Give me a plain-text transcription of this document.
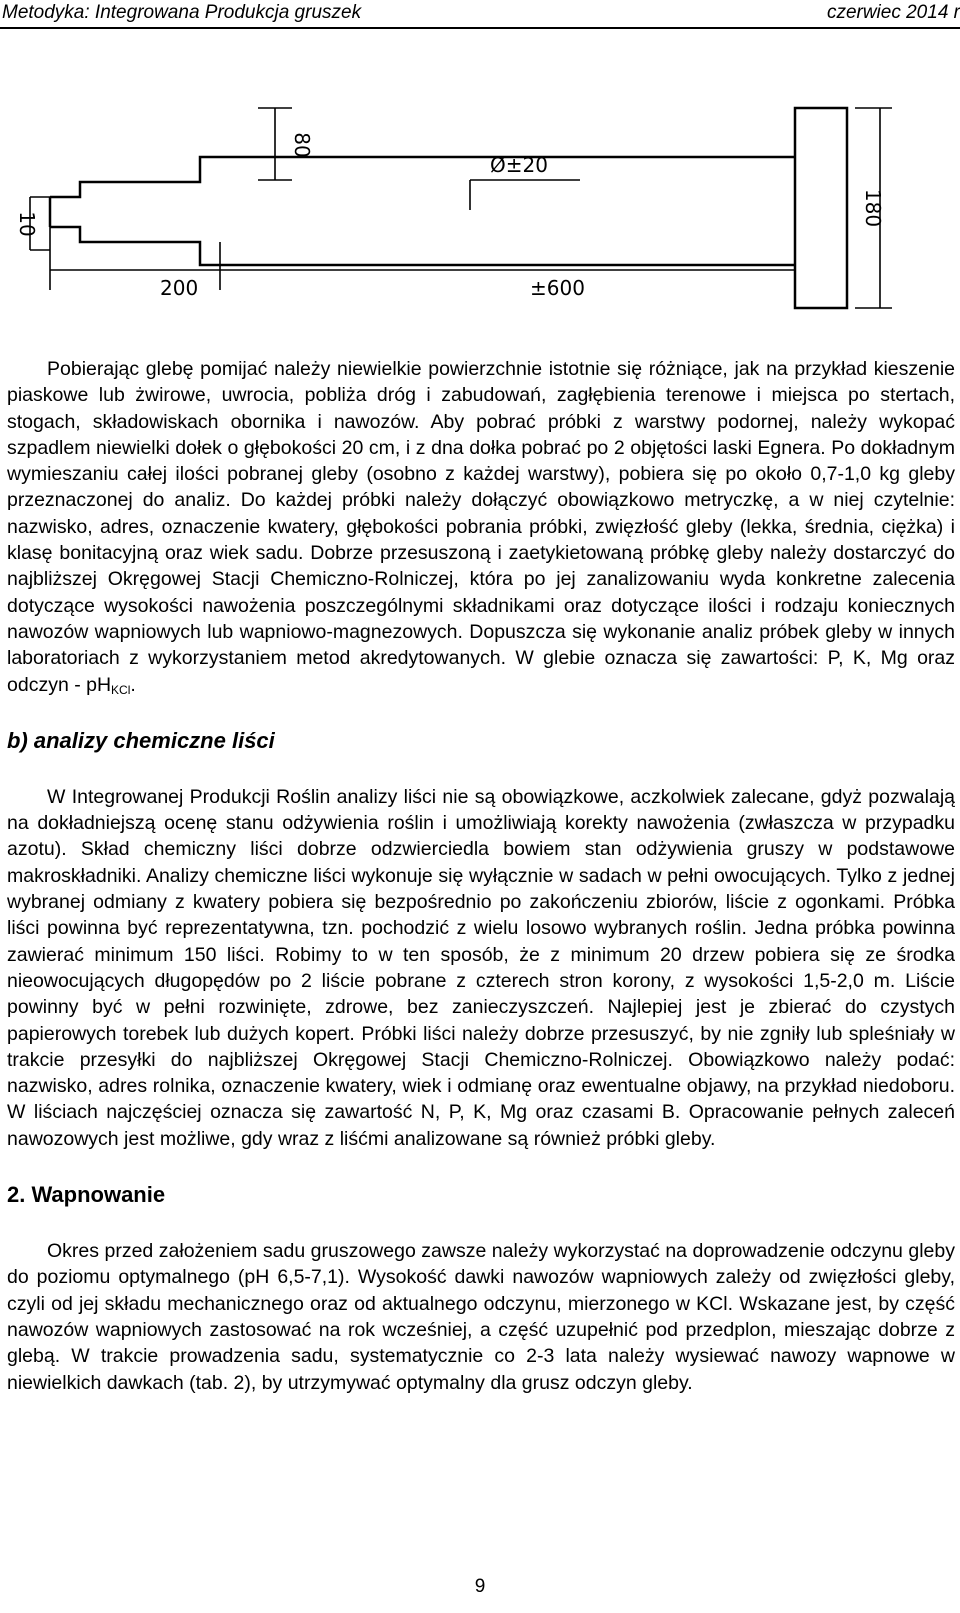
Metodyka: Integrowana Produkcja gruszek	czerwiec 2014 r
80
Ø±20
180
10
200	±600

Pobierając glebę pomijać należy niewielkie powierzchnie istotnie się różniące, jak na przykład kieszenie piaskowe lub żwirowe, uwrocia, pobliża dróg i zabudowań, zagłębienia terenowe i miejsca po stertach, stogach, składowiskach obornika i nawozów. Aby pobrać próbki z warstwy podornej, należy wykopać szpadlem niewielki dołek o głębokości 20 cm, i z dna dołka pobrać po 2 objętości laski Egnera. Po dokładnym wymieszaniu całej ilości pobranej gleby (osobno z każdej warstwy), pobiera się po około 0,7-1,0 kg gleby przeznaczonej do analiz. Do każdej próbki należy dołączyć obowiązkowo metryczkę, a w niej czytelnie: nazwisko, adres, oznaczenie kwatery, głębokości pobrania próbki, zwięzłość gleby (lekka, średnia, ciężka) i klasę bonitacyjną oraz wiek sadu. Dobrze przesuszoną i zaetykietowaną próbkę gleby należy dostarczyć do najbliższej Okręgowej Stacji Chemiczno-Rolniczej, która po jej zanalizowaniu wyda konkretne zalecenia dotyczące wysokości nawożenia poszczególnymi składnikami oraz dotyczące ilości i rodzaju koniecznych nawozów wapniowych lub wapniowo-magnezowych. Dopuszcza się wykonanie analiz próbek gleby w innych laboratoriach z wykorzystaniem metod akredytowanych. W glebie oznacza się zawartości: P, K, Mg oraz odczyn - $pH_{KCl}$.

b) analizy chemiczne liści

W Integrowanej Produkcji Roślin analizy liści nie są obowiązkowe, aczkolwiek zalecane, gdyż pozwalają na dokładniejszą ocenę stanu odżywienia roślin i umożliwiają korekty nawożenia (zwłaszcza w przypadku azotu). Skład chemiczny liści dobrze odzwierciedla bowiem stan odżywienia gruszy w podstawowe makroskładniki. Analizy chemiczne liści wykonuje się wyłącznie w sadach w pełni owocujących. Tylko z jednej wybranej odmiany z kwatery pobiera się bezpośrednio po zakończeniu zbiorów, liście z ogonkami. Próbka liści powinna być reprezentatywna, tzn. pochodzić z wielu losowo wybranych roślin. Jedna próbka powinna zawierać minimum 150 liści. Robimy to w ten sposób, że z minimum 20 drzew pobiera się ze środka nieowocujących długopędów po 2 liście pobrane z czterech stron korony, z wysokości 1,5-2,0 m. Liście powinny być w pełni rozwinięte, zdrowe, bez zanieczyszczeń. Najlepiej jest je zbierać do czystych papierowych torebek lub dużych kopert. Próbki liści należy dobrze przesuszyć, by nie zgniły lub spleśniały w trakcie przesyłki do najbliższej Okręgowej Stacji Chemiczno-Rolniczej. Obowiązkowo należy podać: nazwisko, adres rolnika, oznaczenie kwatery, wiek i odmianę oraz ewentualne objawy, na przykład niedoboru. W liściach najczęściej oznacza się zawartość N, P, K, Mg oraz czasami B. Opracowanie pełnych zaleceń nawozowych jest możliwe, gdy wraz z liśćmi analizowane są również próbki gleby.

2. Wapnowanie

Okres przed założeniem sadu gruszowego zawsze należy wykorzystać na doprowadzenie odczynu gleby do poziomu optymalnego (pH 6,5-7,1). Wysokość dawki nawozów wapniowych zależy od zwięzłości gleby, czyli od jej składu mechanicznego oraz od aktualnego odczynu, mierzonego w KCl. Wskazane jest, by część nawozów wapniowych zastosować na rok wcześniej, a część uzupełnić pod przedplon, mieszając dobrze z glebą. W trakcie prowadzenia sadu, systematycznie co 2-3 lata należy wysiewać nawozy wapnowe w niewielkich dawkach (tab. 2), by utrzymywać optymalny dla grusz odczyn gleby.

9
